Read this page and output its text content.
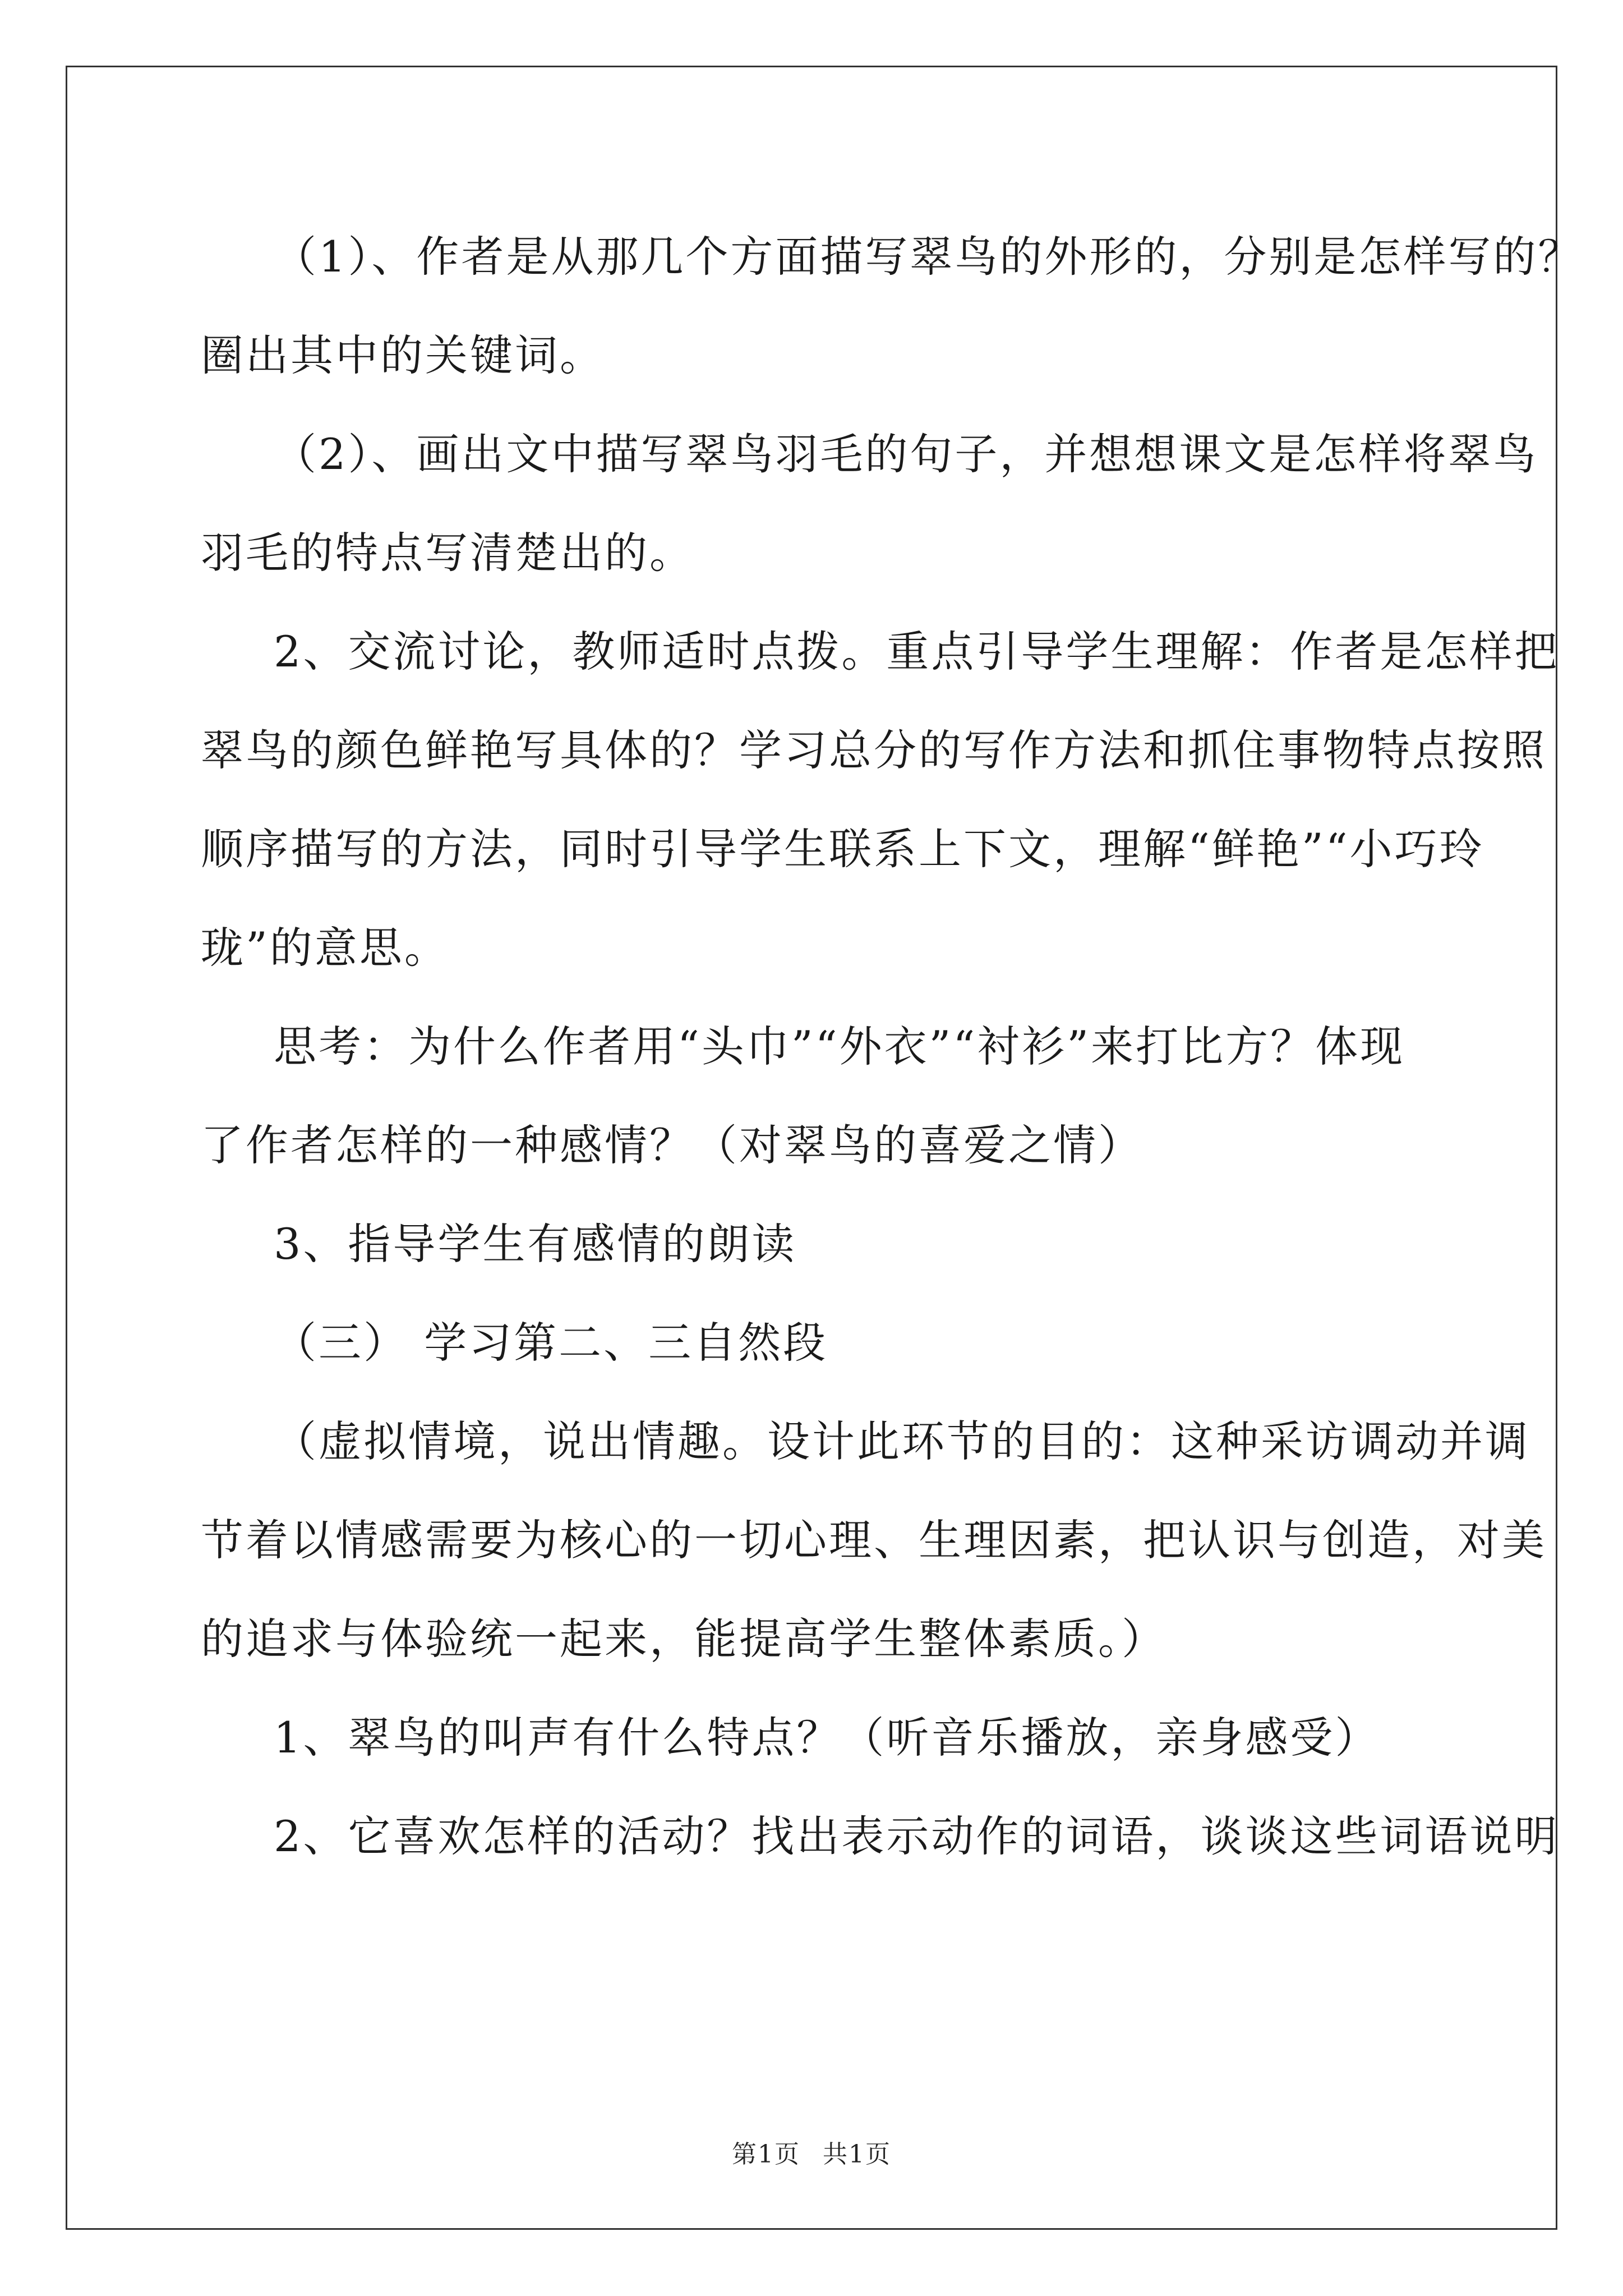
（1）、作者是从那几个方面描写翠鸟的外形的，分别是怎样写的？

圈出其中的关键词。

（2）、画出文中描写翠鸟羽毛的句子，并想想课文是怎样将翠鸟

羽毛的特点写清楚出的。

2、交流讨论，教师适时点拨。重点引导学生理解：作者是怎样把

翠鸟的颜色鲜艳写具体的？学习总分的写作方法和抓住事物特点按照

顺序描写的方法，同时引导学生联系上下文，理解“鲜艳”“小巧玲

珑”的意思。

思考：为什么作者用“头巾”“外衣”“衬衫”来打比方？体现

了作者怎样的一种感情？（对翠鸟的喜爱之情）

3、指导学生有感情的朗读

（三） 学习第二、三自然段

（虚拟情境，说出情趣。设计此环节的目的：这种采访调动并调

节着以情感需要为核心的一切心理、生理因素，把认识与创造，对美

的追求与体验统一起来，能提高学生整体素质。）

1、翠鸟的叫声有什么特点？（听音乐播放，亲身感受）

2、它喜欢怎样的活动？找出表示动作的词语，谈谈这些词语说明

第1页 共1页
